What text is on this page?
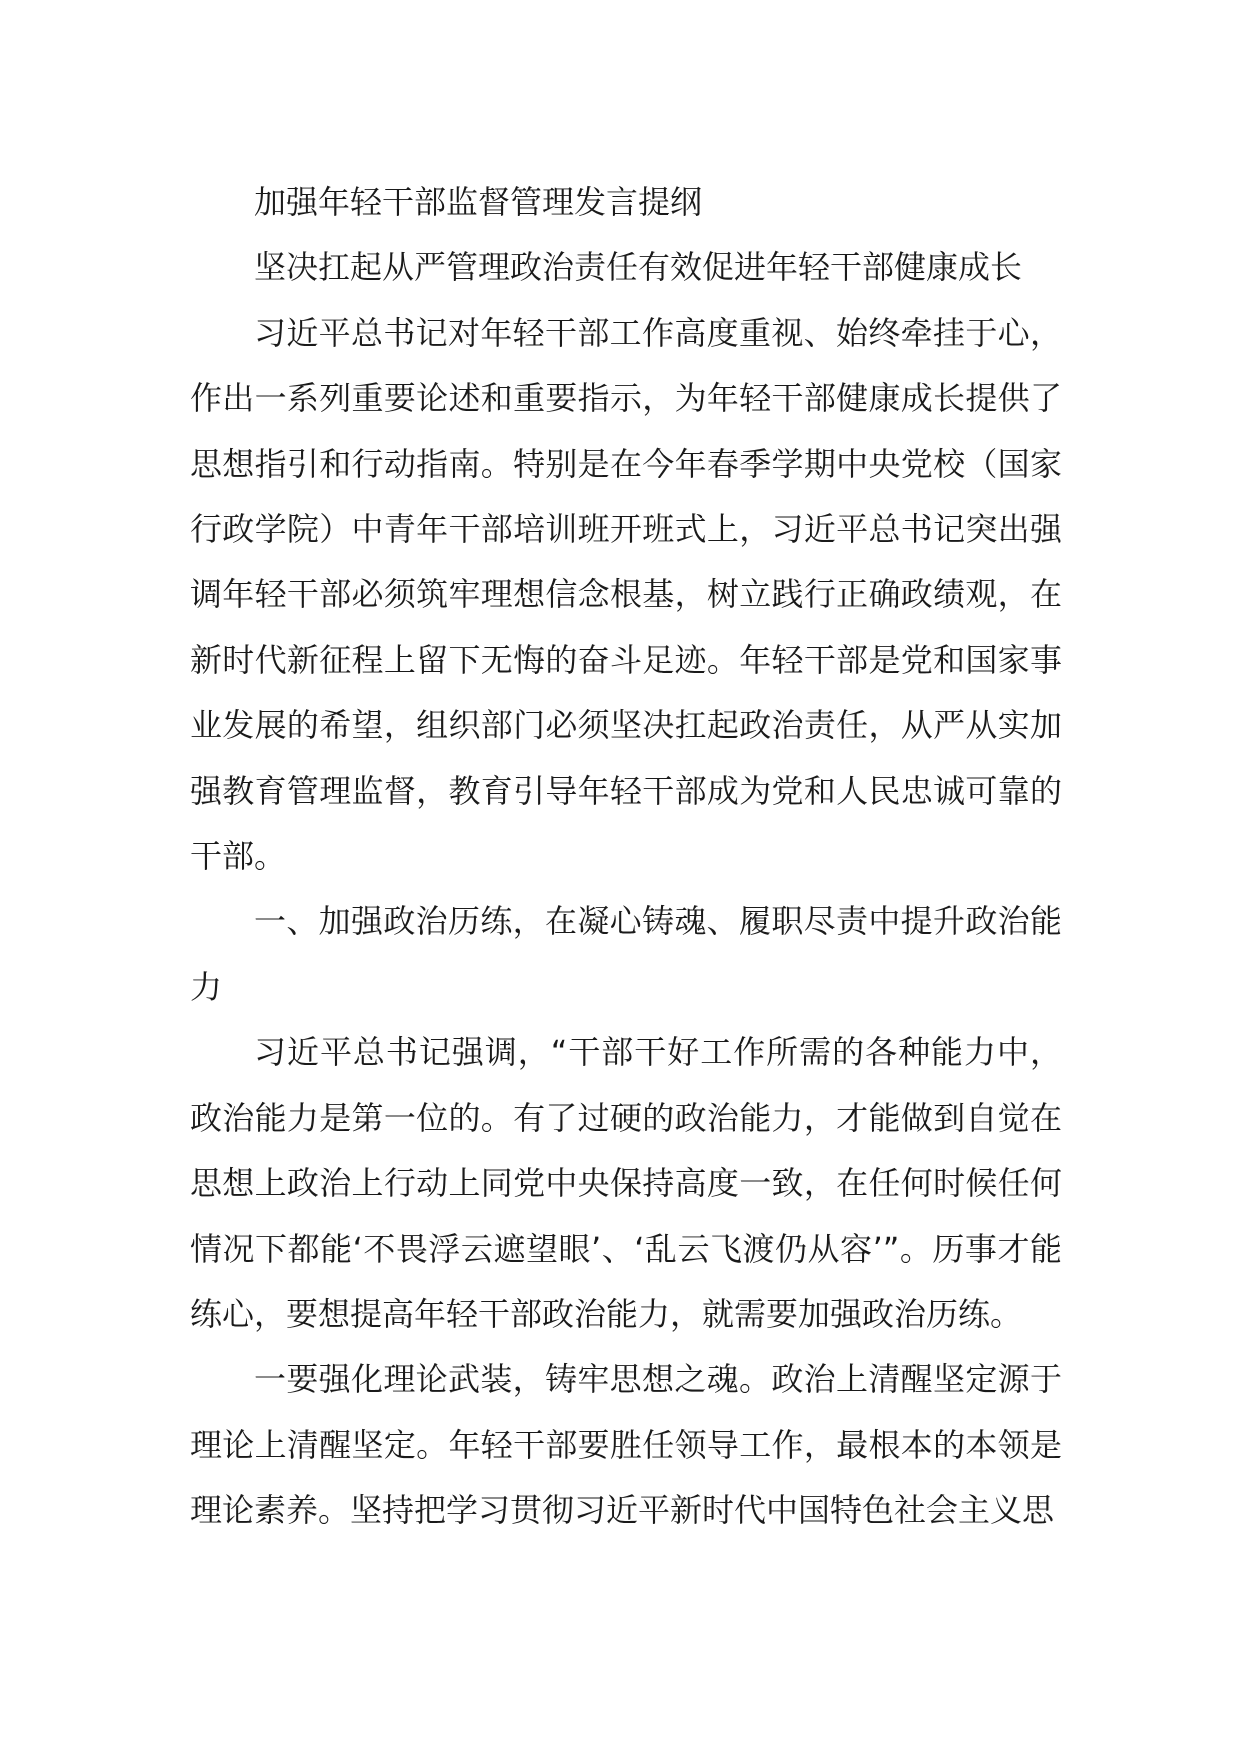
加强年轻干部监督管理发言提纲

坚决扛起从严管理政治责任有效促进年轻干部健康成长

习近平总书记对年轻干部工作高度重视、始终牵挂于心，作出一系列重要论述和重要指示，为年轻干部健康成长提供了思想指引和行动指南。特别是在今年春季学期中央党校（国家行政学院）中青年干部培训班开班式上，习近平总书记突出强调年轻干部必须筑牢理想信念根基，树立践行正确政绩观，在新时代新征程上留下无悔的奋斗足迹。年轻干部是党和国家事业发展的希望，组织部门必须坚决扛起政治责任，从严从实加强教育管理监督，教育引导年轻干部成为党和人民忠诚可靠的干部。

一、加强政治历练，在凝心铸魂、履职尽责中提升政治能力

习近平总书记强调，“干部干好工作所需的各种能力中，政治能力是第一位的。有了过硬的政治能力，才能做到自觉在思想上政治上行动上同党中央保持高度一致，在任何时候任何情况下都能‘不畏浮云遮望眼’、‘乱云飞渡仍从容’”。历事才能练心，要想提高年轻干部政治能力，就需要加强政治历练。

一要强化理论武装，铸牢思想之魂。政治上清醒坚定源于理论上清醒坚定。年轻干部要胜任领导工作，最根本的本领是理论素养。坚持把学习贯彻习近平新时代中国特色社会主义思
